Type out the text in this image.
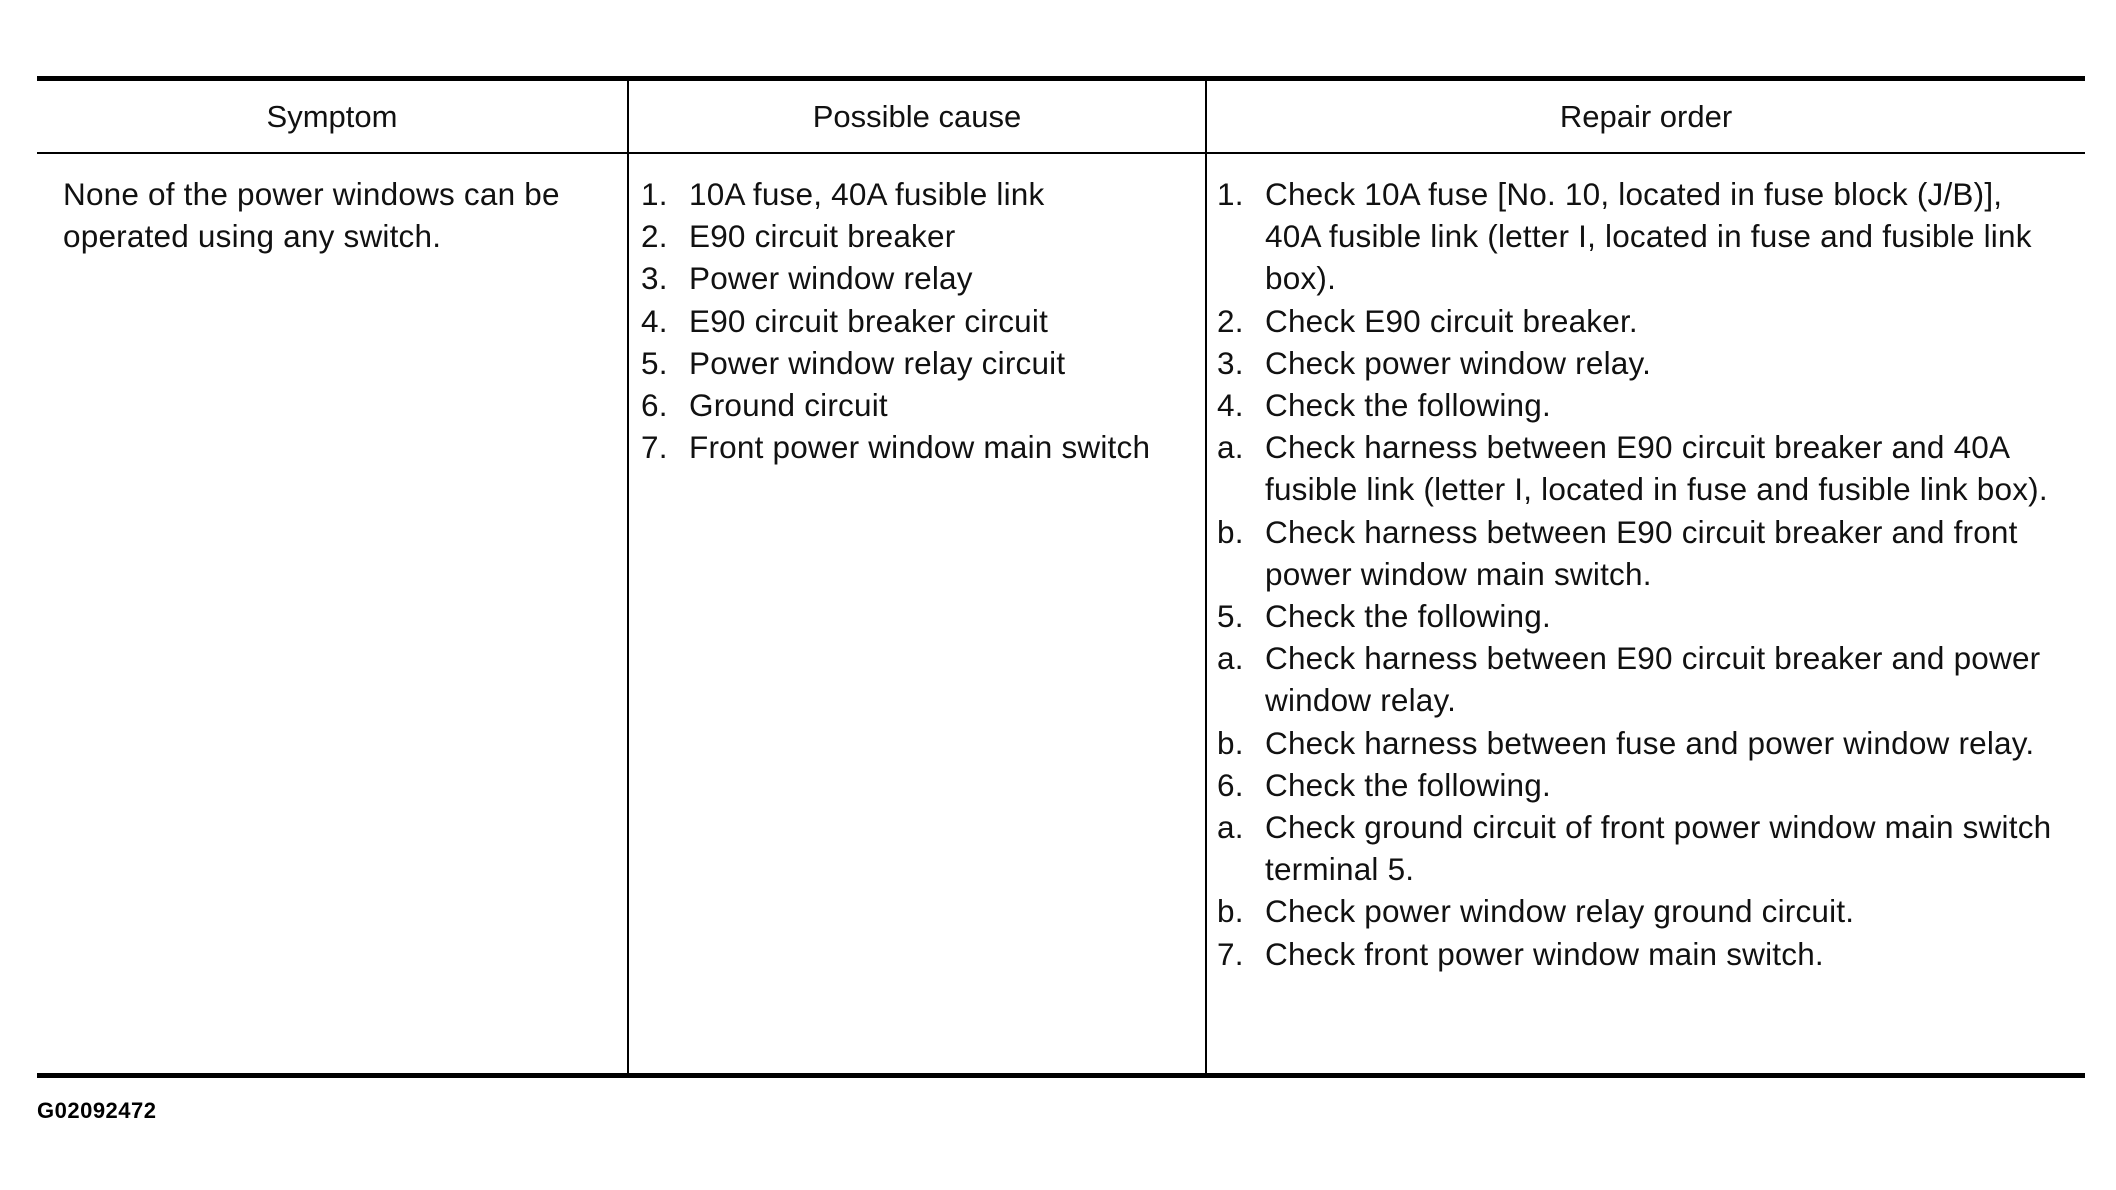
Symptom	Possible cause	Repair order
None of the power windows can be operated using any switch.
1. 10A fuse, 40A fusible link
2. E90 circuit breaker
3. Power window relay
4. E90 circuit breaker circuit
5. Power window relay circuit
6. Ground circuit
7. Front power window main switch
1. Check 10A fuse [No. 10, located in fuse block (J/B)], 40A fusible link (letter I, located in fuse and fusible link box).
2. Check E90 circuit breaker.
3. Check power window relay.
4. Check the following.
a. Check harness between E90 circuit breaker and 40A fusible link (letter I, located in fuse and fusible link box).
b. Check harness between E90 circuit breaker and front power window main switch.
5. Check the following.
a. Check harness between E90 circuit breaker and power window relay.
b. Check harness between fuse and power window relay.
6. Check the following.
a. Check ground circuit of front power window main switch terminal 5.
b. Check power window relay ground circuit.
7. Check front power window main switch.
G02092472
